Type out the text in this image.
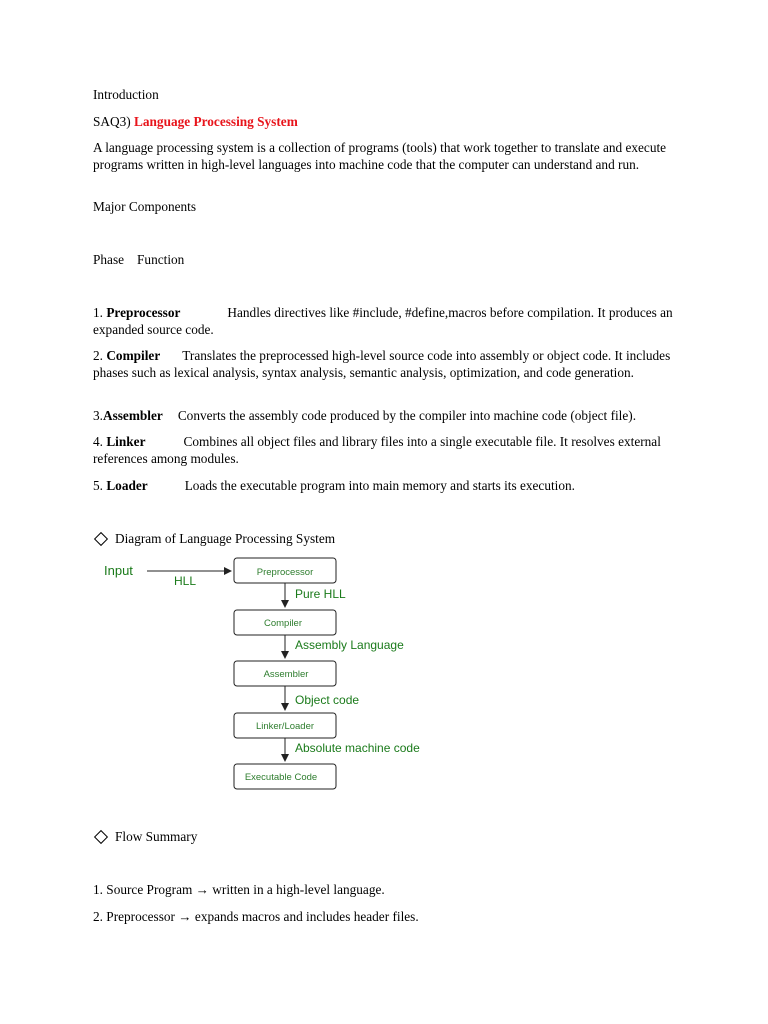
Introduction
SAQ3) Language Processing System
A language processing system is a collection of programs (tools) that work together to translate and execute programs written in high-level languages into machine code that the computer can understand and run.
Major Components
Phase Function
1. Preprocessor	Handles directives like #include, #define,macros before compilation. It produces an expanded source code.
2. Compiler Translates the preprocessed high-level source code into assembly or object code. It includes phases such as lexical analysis, syntax analysis, semantic analysis, optimization, and code generation.
3.Assembler Converts the assembly code produced by the compiler into machine code (object file).
4. Linker	Combines all object files and library files into a single executable file. It resolves external references among modules.
5. Loader	Loads the executable program into main memory and starts its execution.
Diagram of Language Processing System
Input
HLL
Preprocessor
Pure HLL
Compiler
Assembly Language
Assembler
Object code
Linker/Loader
Absolute machine code
Executable Code
Flow Summary
1. Source Program → written in a high-level language.
2. Preprocessor → expands macros and includes header files.
